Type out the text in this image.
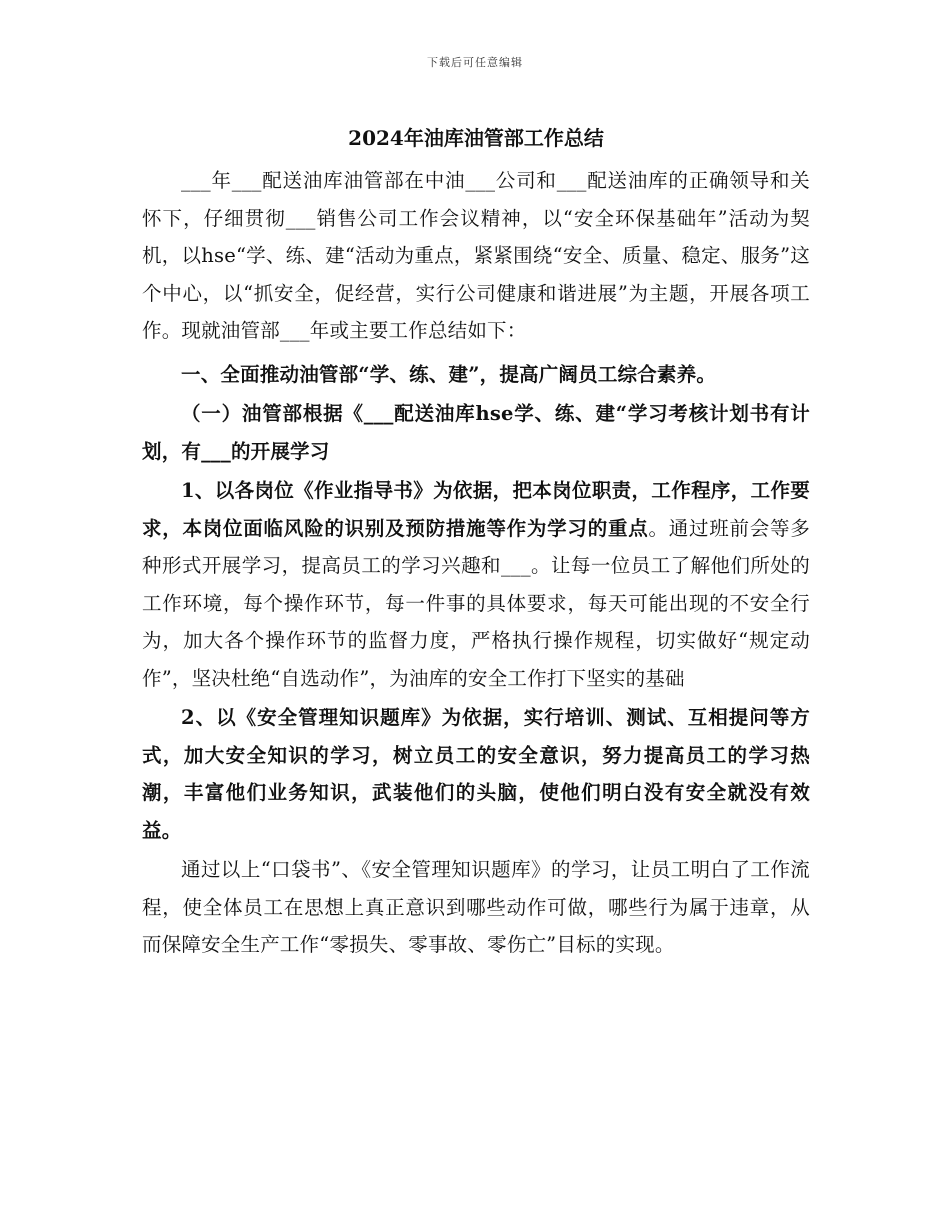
下载后可任意编辑
2024年油库油管部工作总结

___年___配送油库油管部在中油___公司和___配送油库的正确领导和关怀下，仔细贯彻___销售公司工作会议精神，以“安全环保基础年”活动为契机，以hse“学、练、建“活动为重点，紧紧围绕“安全、质量、稳定、服务”这个中心，以“抓安全，促经营，实行公司健康和谐进展”为主题，开展各项工作。现就油管部___年或主要工作总结如下：

一、全面推动油管部“学、练、建”，提高广阔员工综合素养。

（一）油管部根据《___配送油库hse学、练、建“学习考核计划书有计划，有___的开展学习

1、以各岗位《作业指导书》为依据，把本岗位职责，工作程序，工作要求，本岗位面临风险的识别及预防措施等作为学习的重点。通过班前会等多种形式开展学习，提高员工的学习兴趣和___。让每一位员工了解他们所处的工作环境，每个操作环节，每一件事的具体要求，每天可能出现的不安全行为，加大各个操作环节的监督力度，严格执行操作规程，切实做好“规定动作”，坚决杜绝“自选动作”，为油库的安全工作打下坚实的基础

2、以《安全管理知识题库》为依据，实行培训、测试、互相提问等方式，加大安全知识的学习，树立员工的安全意识，努力提高员工的学习热潮，丰富他们业务知识，武装他们的头脑，使他们明白没有安全就没有效益。

通过以上“口袋书”、《安全管理知识题库》的学习，让员工明白了工作流程，使全体员工在思想上真正意识到哪些动作可做，哪些行为属于违章，从而保障安全生产工作“零损失、零事故、零伤亡”目标的实现。
